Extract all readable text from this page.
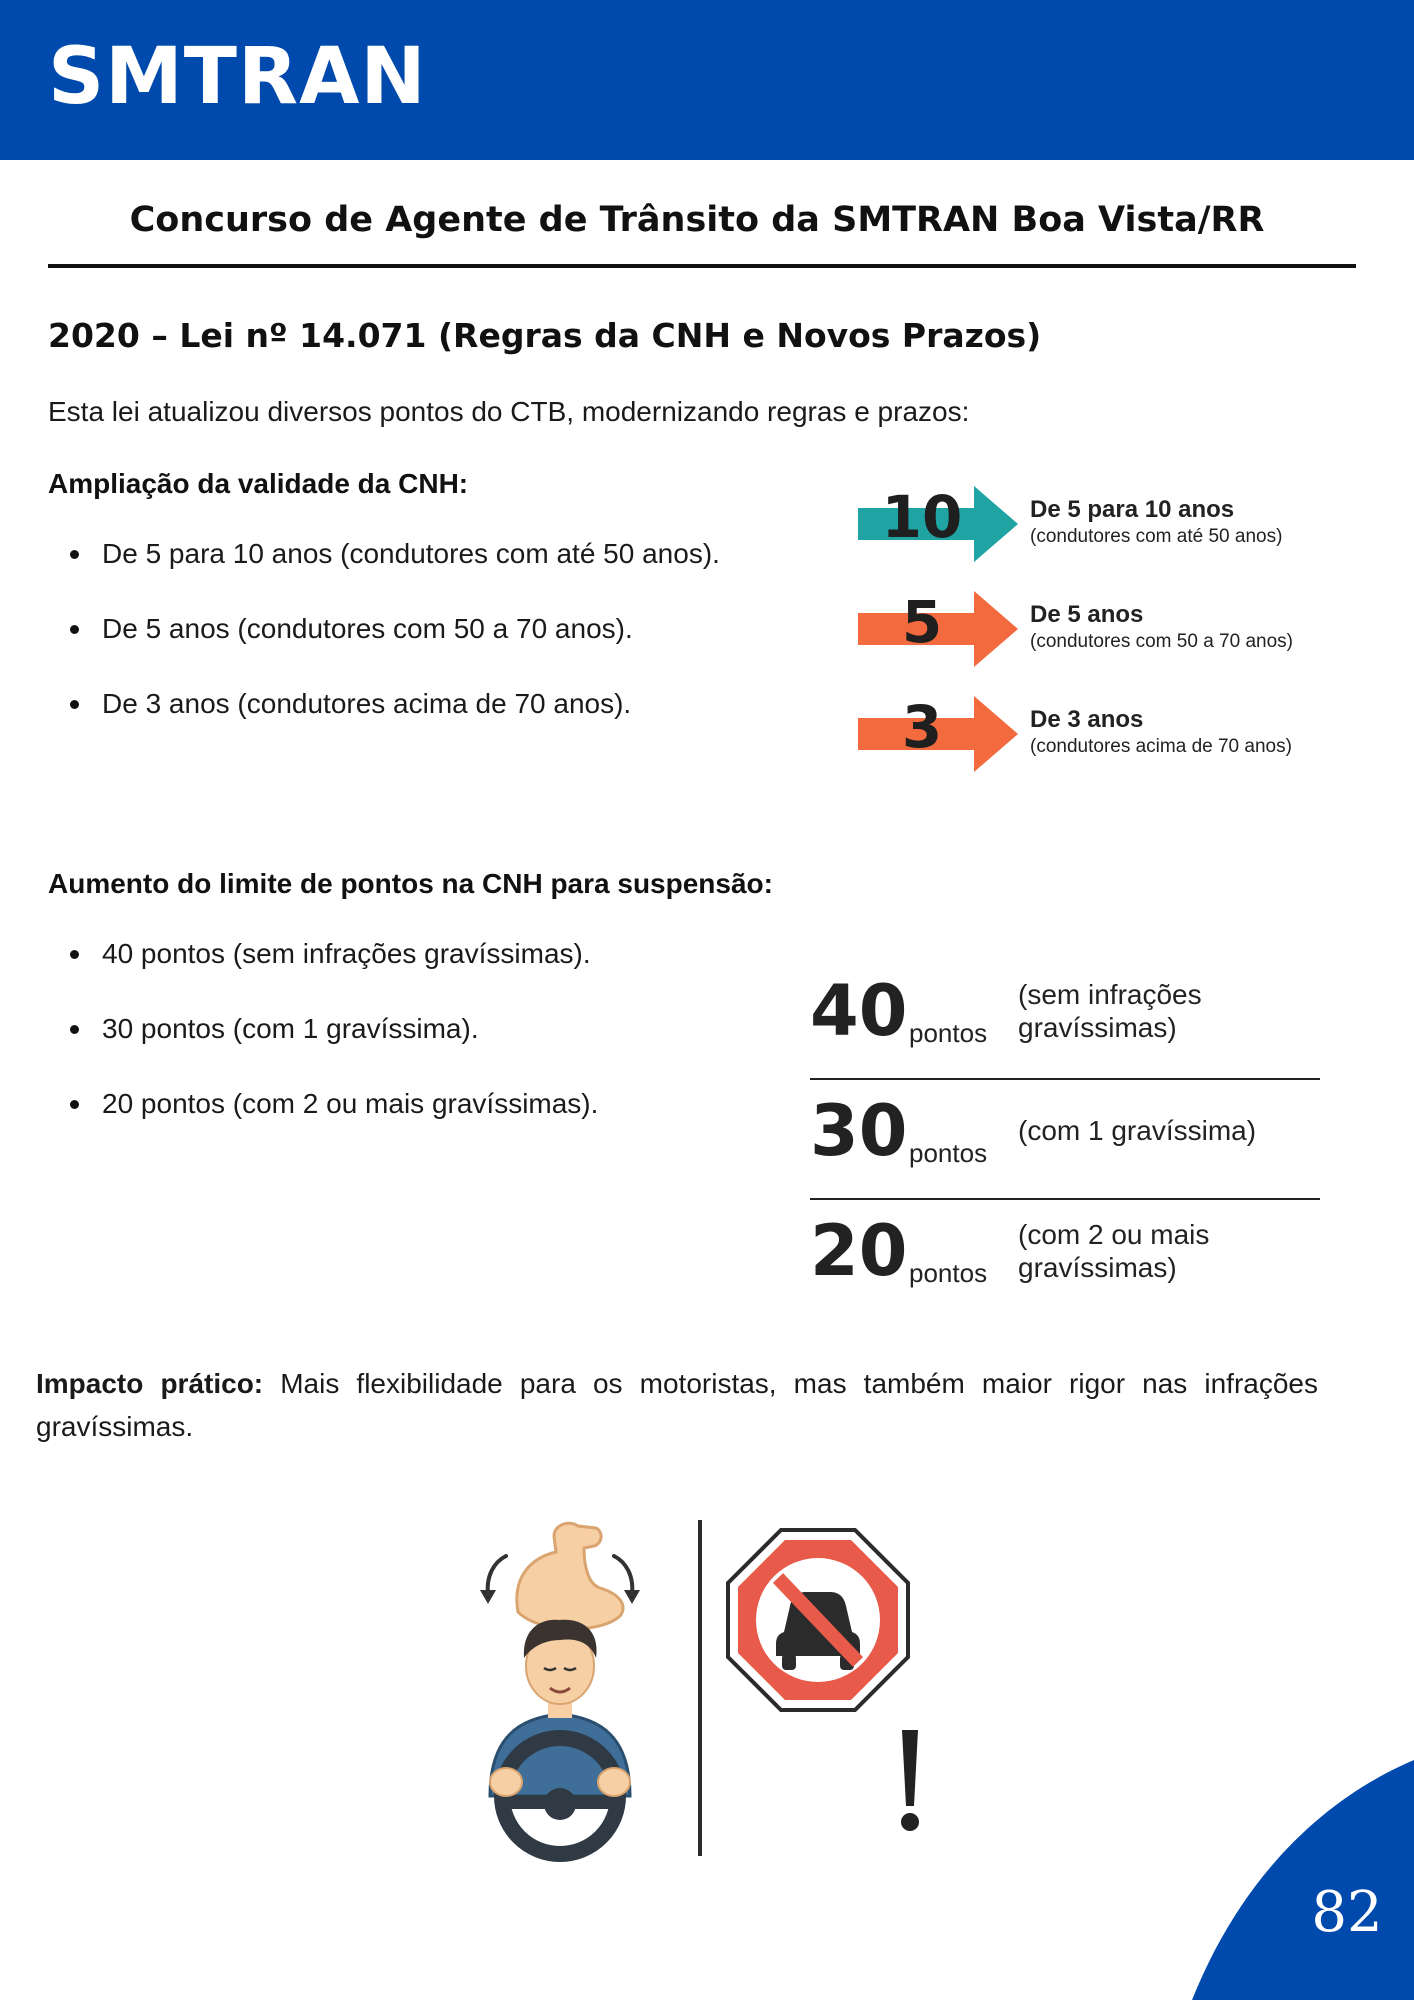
SMTRAN
Concurso de Agente de Trânsito da SMTRAN Boa Vista/RR
2020 – Lei nº 14.071 (Regras da CNH e Novos Prazos)
Esta lei atualizou diversos pontos do CTB, modernizando regras e prazos:
Ampliação da validade da CNH:
De 5 para 10 anos (condutores com até 50 anos).
De 5 anos (condutores com 50 a 70 anos).
De 3 anos (condutores acima de 70 anos).
10	De 5 para 10 anos
(condutores com até 50 anos)
5	De 5 anos
(condutores com 50 a 70 anos)
3	De 3 anos
(condutores acima de 70 anos)
Aumento do limite de pontos na CNH para suspensão:
40 pontos (sem infrações gravíssimas).
30 pontos (com 1 gravíssima).
20 pontos (com 2 ou mais gravíssimas).
40 pontos
(sem infrações gravíssimas)
30 pontos
(com 1 gravíssima)
20 pontos
(com 2 ou mais gravíssimas)
Impacto prático: Mais flexibilidade para os motoristas, mas também maior rigor nas infrações gravíssimas.
82
